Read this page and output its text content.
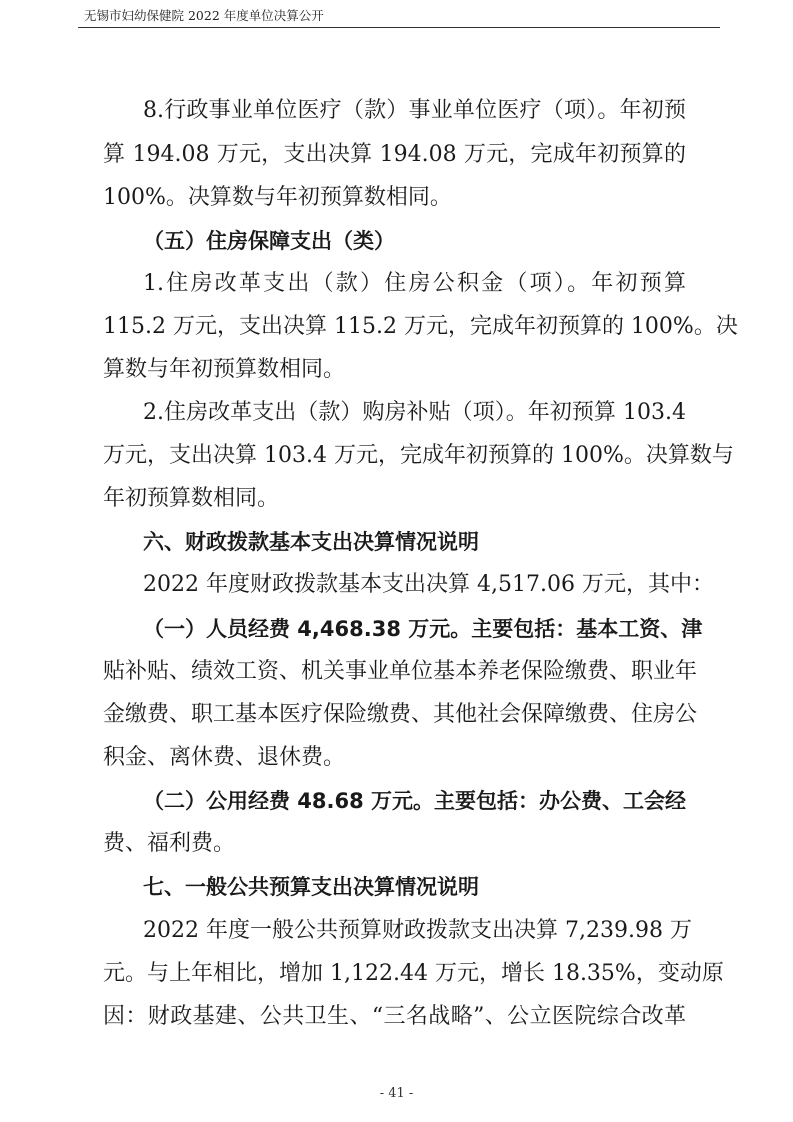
无锡市妇幼保健院 2022 年度单位决算公开
8.行政事业单位医疗（款）事业单位医疗（项）。年初预
算 194.08 万元，支出决算 194.08 万元，完成年初预算的
100%。决算数与年初预算数相同。
（五）住房保障支出（类）
1.住房改革支出（款）住房公积金（项）。年初预算
115.2 万元，支出决算 115.2 万元，完成年初预算的 100%。决
算数与年初预算数相同。
2.住房改革支出（款）购房补贴（项）。年初预算 103.4
万元，支出决算 103.4 万元，完成年初预算的 100%。决算数与
年初预算数相同。
六、财政拨款基本支出决算情况说明
2022 年度财政拨款基本支出决算 4,517.06 万元，其中：
（一）人员经费 4,468.38 万元。主要包括：基本工资、津
贴补贴、绩效工资、机关事业单位基本养老保险缴费、职业年
金缴费、职工基本医疗保险缴费、其他社会保障缴费、住房公
积金、离休费、退休费。
（二）公用经费 48.68 万元。主要包括：办公费、工会经
费、福利费。
七、一般公共预算支出决算情况说明
2022 年度一般公共预算财政拨款支出决算 7,239.98 万
元。与上年相比，增加 1,122.44 万元，增长 18.35%，变动原
因：财政基建、公共卫生、“三名战略”、公立医院综合改革
- 41 -
